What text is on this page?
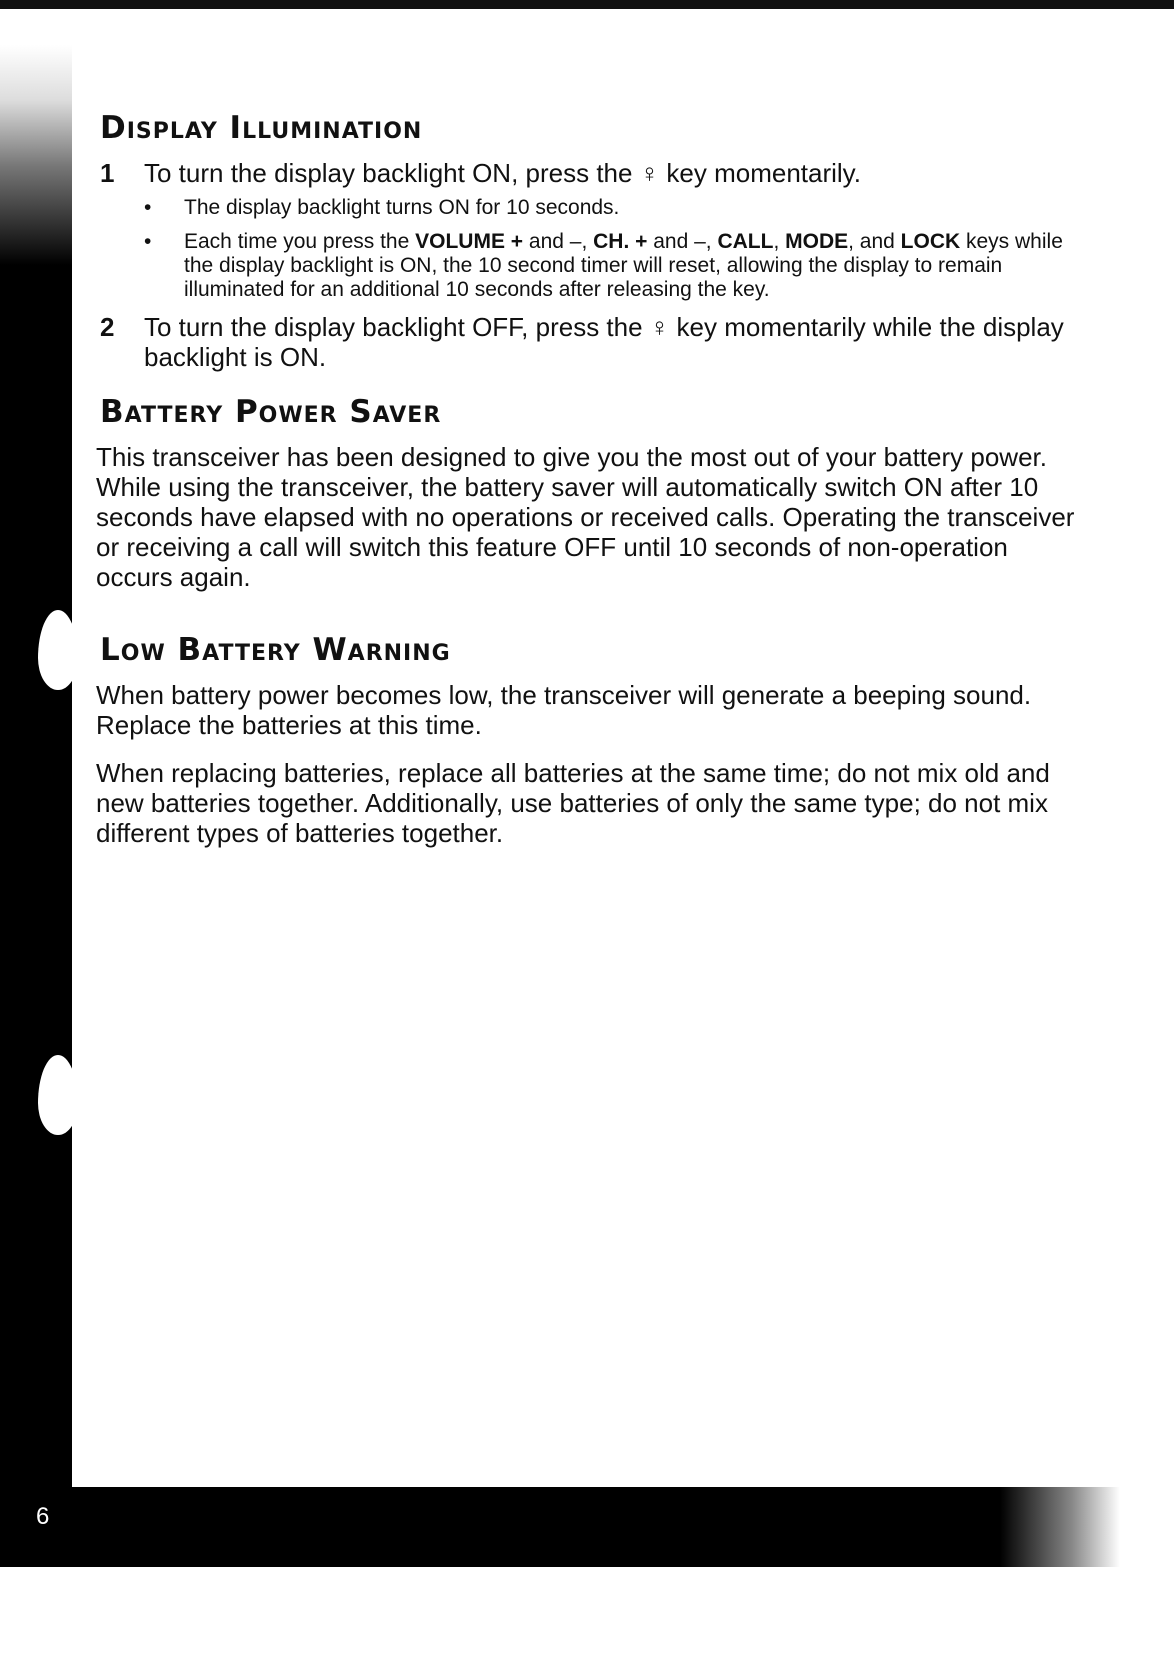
6
Display Illumination
1	To turn the display backlight ON, press the ♀ key momentarily.
• The display backlight turns ON for 10 seconds.
• Each time you press the VOLUME + and –, CH. + and –, CALL, MODE, and LOCK keys while the display backlight is ON, the 10 second timer will reset, allowing the display to remain illuminated for an additional 10 seconds after releasing the key.
2	To turn the display backlight OFF, press the ♀ key momentarily while the display backlight is ON.
Battery Power Saver

This transceiver has been designed to give you the most out of your battery power. While using the transceiver, the battery saver will automatically switch ON after 10 seconds have elapsed with no operations or received calls. Operating the transceiver or receiving a call will switch this feature OFF until 10 seconds of non-operation occurs again.

Low Battery Warning

When battery power becomes low, the transceiver will generate a beeping sound. Replace the batteries at this time.

When replacing batteries, replace all batteries at the same time; do not mix old and new batteries together. Additionally, use batteries of only the same type; do not mix different types of batteries together.
